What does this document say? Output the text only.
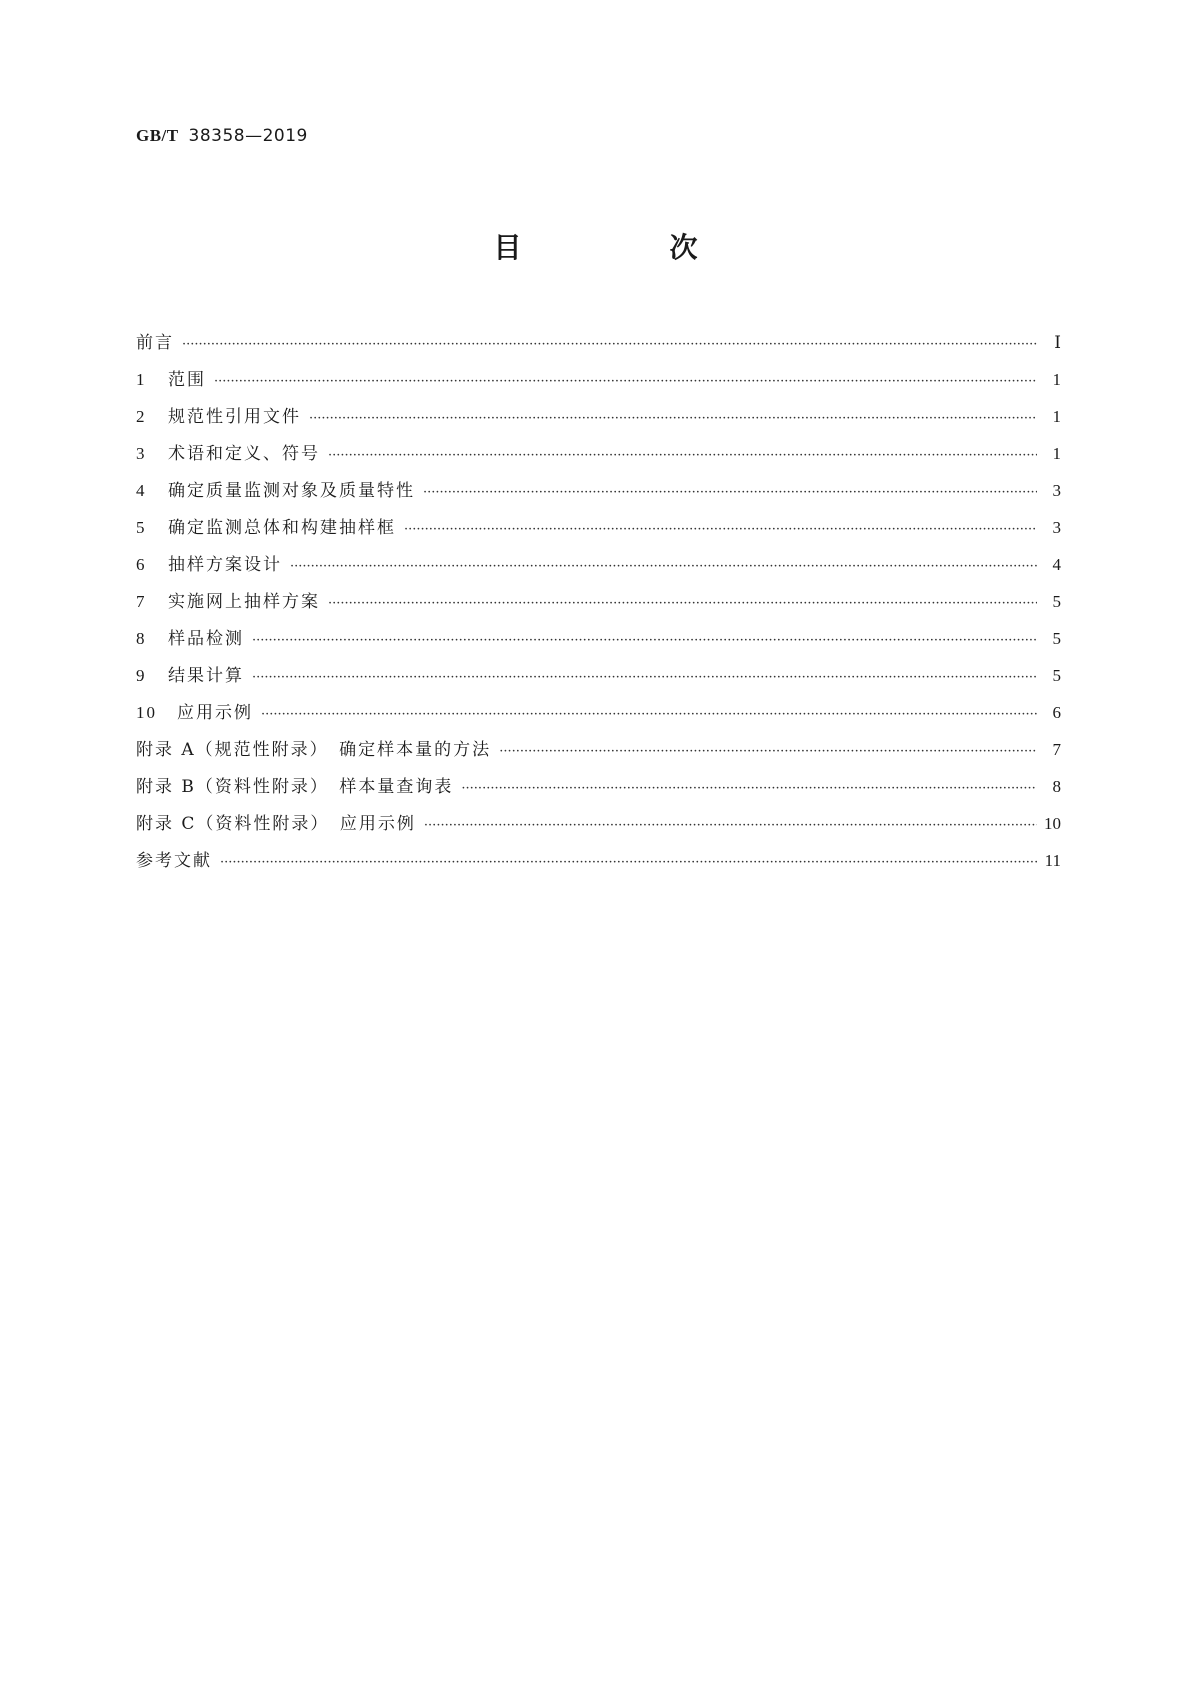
GB/T 38358—2019
目　次
前言 ·····	Ⅰ
1	范围 ·····	1
2	规范性引用文件 ·····	1
3	术语和定义、符号 ·····	1
4	确定质量监测对象及质量特性 ·····	3
5	确定监测总体和构建抽样框 ·····	3
6	抽样方案设计 ·····	4
7	实施网上抽样方案 ·····	5
8	样品检测 ·····	5
9	结果计算 ·····	5
10	应用示例 ·····	6
附录 A（规范性附录）　确定样本量的方法 ·····	7
附录 B（资料性附录）　样本量查询表 ·····	8
附录 C（资料性附录）　应用示例 ·····	10
参考文献 ·····	11
